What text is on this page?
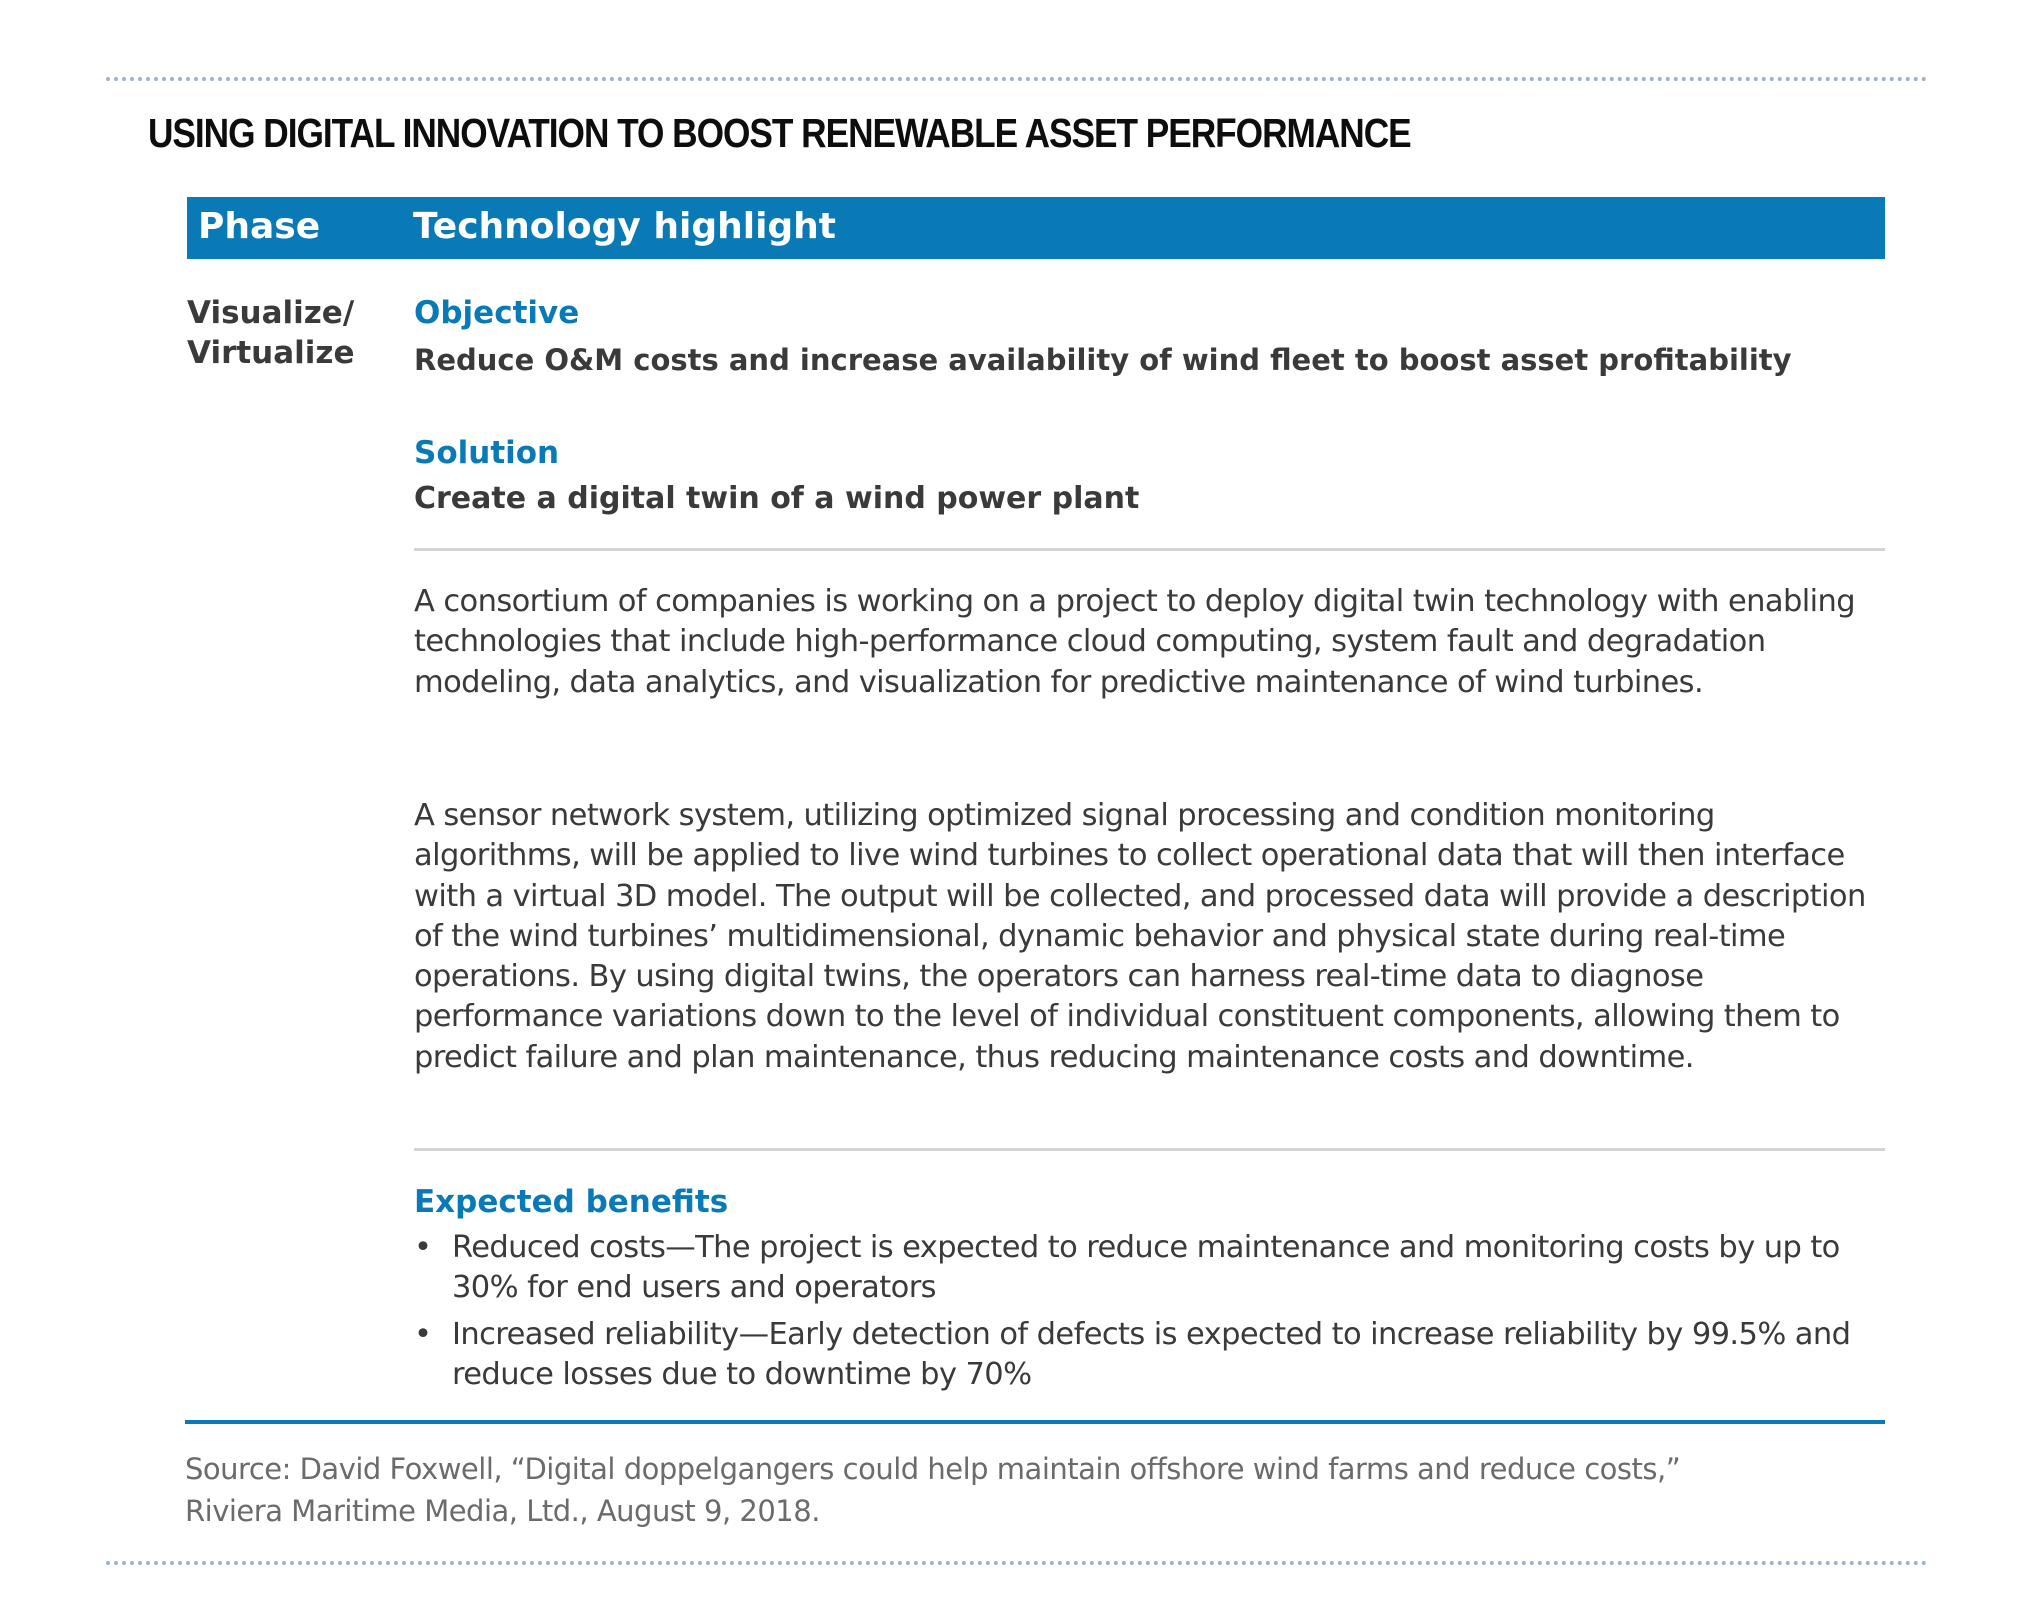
USING DIGITAL INNOVATION TO BOOST RENEWABLE ASSET PERFORMANCE
Phase	Technology highlight
Visualize/
Virtualize
Objective
Reduce O&M costs and increase availability of wind fleet to boost asset profitability
Solution
Create a digital twin of a wind power plant

A consortium of companies is working on a project to deploy digital twin technology with enabling technologies that include high-performance cloud computing, system fault and degradation modeling, data analytics, and visualization for predictive maintenance of wind turbines.

A sensor network system, utilizing optimized signal processing and condition monitoring algorithms, will be applied to live wind turbines to collect operational data that will then interface with a virtual 3D model. The output will be collected, and processed data will provide a description of the wind turbines’ multidimensional, dynamic behavior and physical state during real-time operations. By using digital twins, the operators can harness real-time data to diagnose performance variations down to the level of individual constituent components, allowing them to predict failure and plan maintenance, thus reducing maintenance costs and downtime.

Expected benefits
• Reduced costs—The project is expected to reduce maintenance and monitoring costs by up to 30% for end users and operators
• Increased reliability—Early detection of defects is expected to increase reliability by 99.5% and reduce losses due to downtime by 70%
Source: David Foxwell, “Digital doppelgangers could help maintain offshore wind farms and reduce costs,”
Riviera Maritime Media, Ltd., August 9, 2018.
